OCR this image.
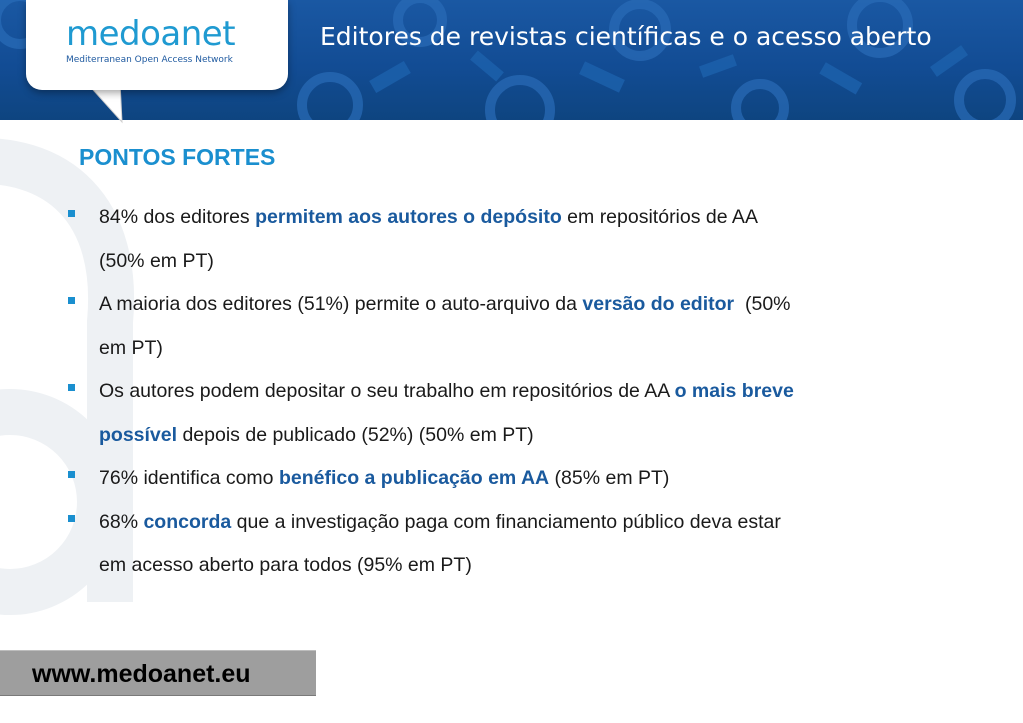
Editores de revistas científicas e o acesso aberto
medoanet
Mediterranean Open Access Network
PONTOS FORTES
84% dos editores permitem aos autores o depósito em repositórios de AA
(50% em PT)
A maioria dos editores (51%) permite o auto-arquivo da versão do editor  (50%
em PT)
Os autores podem depositar o seu trabalho em repositórios de AA o mais breve
possível depois de publicado (52%) (50% em PT)
76% identifica como benéfico a publicação em AA (85% em PT)
68% concorda que a investigação paga com financiamento público deva estar
em acesso aberto para todos (95% em PT)
www.medoanet.eu
